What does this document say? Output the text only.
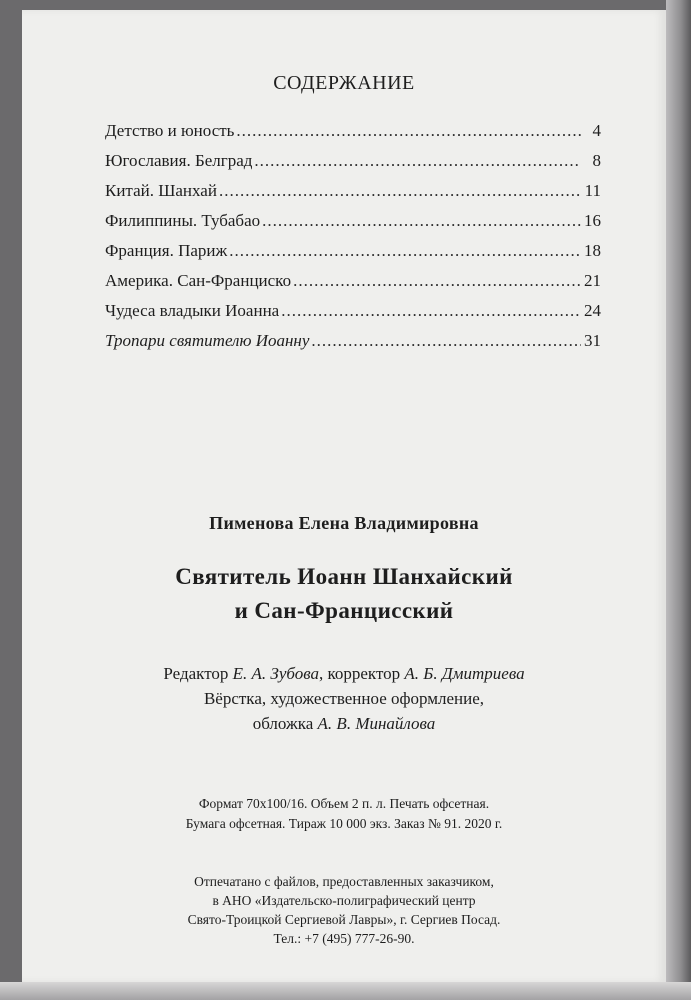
СОДЕРЖАНИЕ
Детство и юность .....	4
Югославия. Белград .....	8
Китай. Шанхай .....	11
Филиппины. Тубабао .....	16
Франция. Париж .....	18
Америка. Сан-Франциско .....	21
Чудеса владыки Иоанна .....	24
Тропари святителю Иоанну .....	31
Пименова Елена Владимировна
Святитель Иоанн Шанхайский
и Сан-Францисский
Редактор Е. А. Зубова, корректор А. Б. Дмитриева
Вёрстка, художественное оформление,
обложка А. В. Минайлова
Формат 70х100/16. Объем 2 п. л. Печать офсетная.
Бумага офсетная. Тираж 10 000 экз. Заказ № 91. 2020 г.
Отпечатано с файлов, предоставленных заказчиком,
в АНО «Издательско-полиграфический центр
Свято-Троицкой Сергиевой Лавры», г. Сергиев Посад.
Тел.: +7 (495) 777-26-90.
